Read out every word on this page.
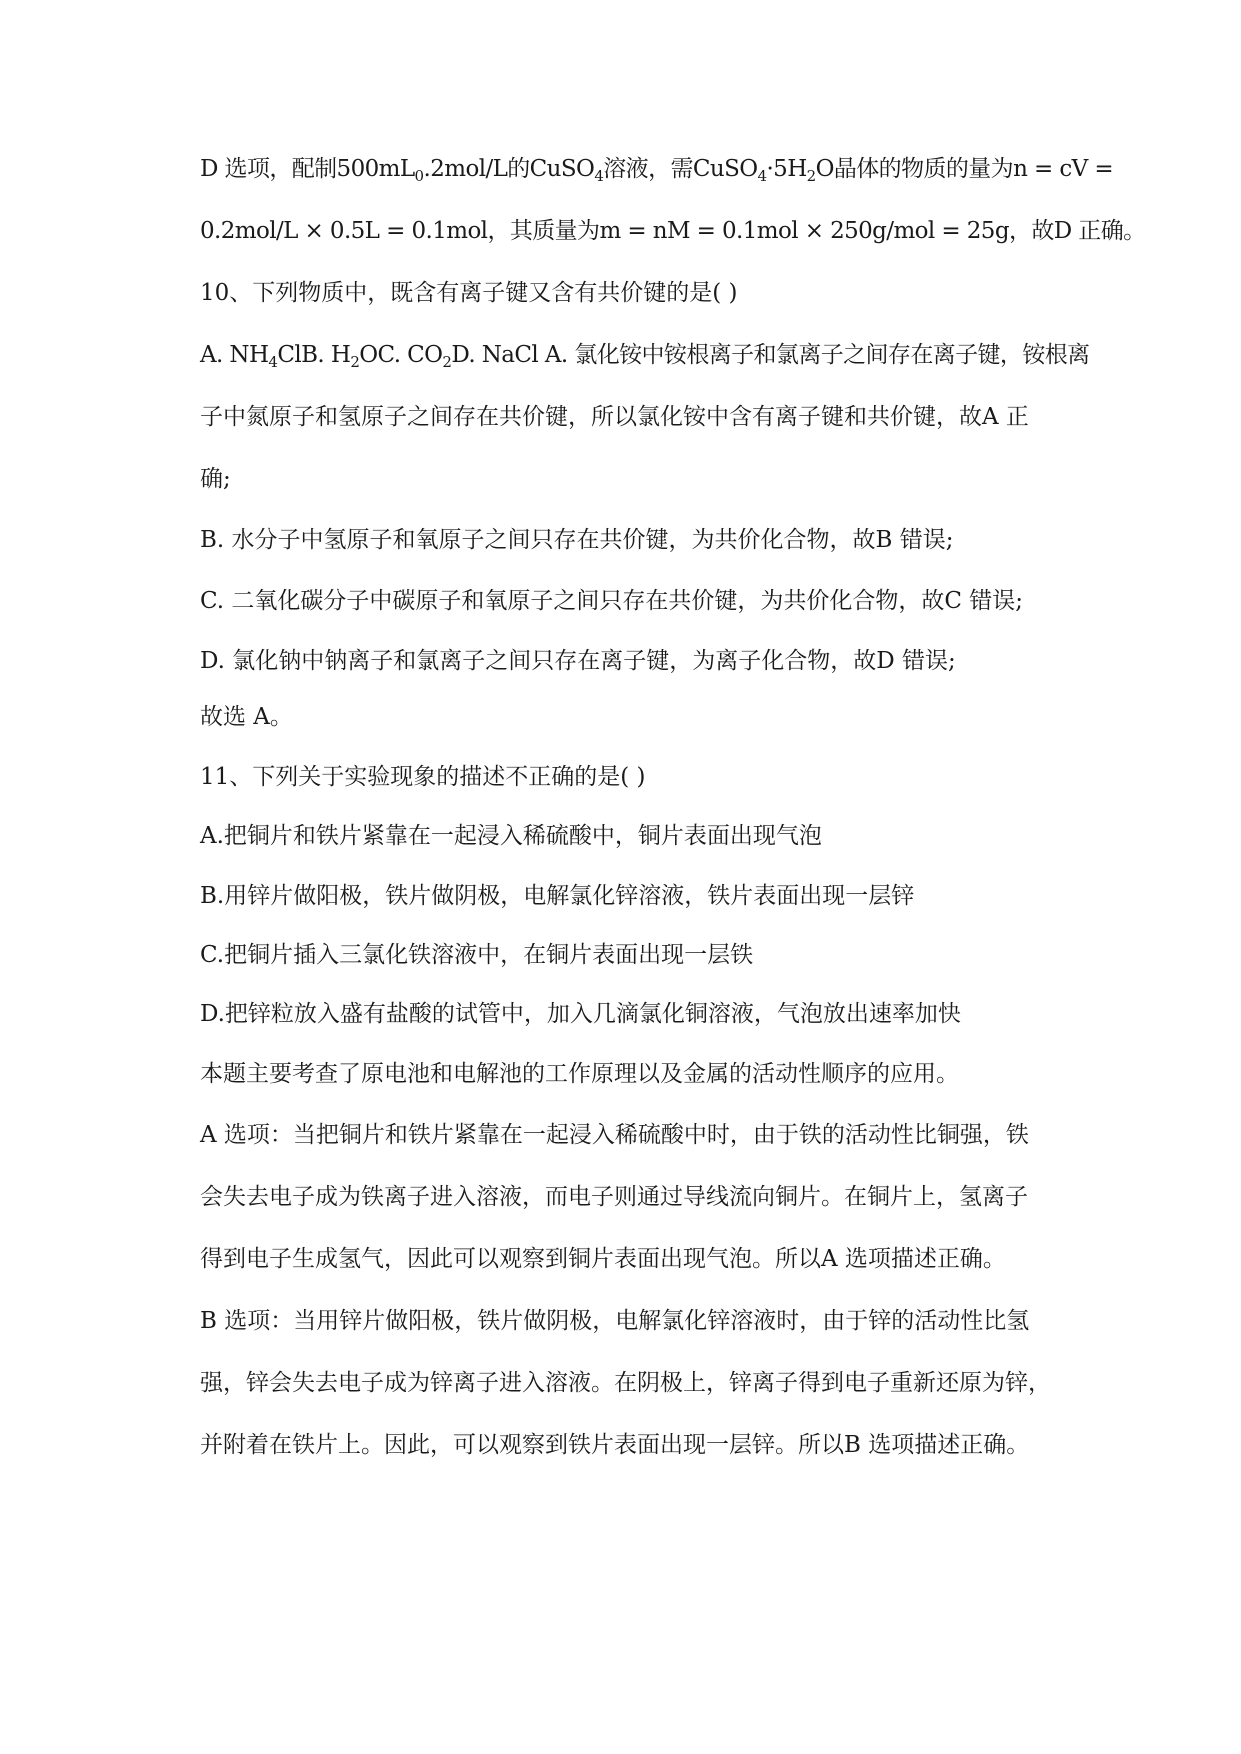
D 选项，配制$500mL_0.2mol/L$的CuSO$_4$溶液，需$CuSO_4\cdot 5H_2O$晶体的物质的量为n = cV =
0.2mol/L × 0.5L = 0.1mol，其质量为m = nM = 0.1mol × 250g/mol = 25g，故D 正确。
10、下列物质中，既含有离子键又含有共价键的是( )
A. $NH_4ClB$. $H_2OC$. $CO_2D$. NaCl A. 氯化铵中铵根离子和氯离子之间存在离子键，铵根离
子中氮原子和氢原子之间存在共价键，所以氯化铵中含有离子键和共价键，故A 正
确;
B. 水分子中氢原子和氧原子之间只存在共价键，为共价化合物，故B 错误;
C. 二氧化碳分子中碳原子和氧原子之间只存在共价键，为共价化合物，故C 错误;
D. 氯化钠中钠离子和氯离子之间只存在离子键，为离子化合物，故D 错误;
故选 A。
11、下列关于实验现象的描述不正确的是( )
A.把铜片和铁片紧靠在一起浸入稀硫酸中，铜片表面出现气泡
B.用锌片做阳极，铁片做阴极，电解氯化锌溶液，铁片表面出现一层锌
C.把铜片插入三氯化铁溶液中，在铜片表面出现一层铁
D.把锌粒放入盛有盐酸的试管中，加入几滴氯化铜溶液，气泡放出速率加快
本题主要考查了原电池和电解池的工作原理以及金属的活动性顺序的应用。
A 选项：当把铜片和铁片紧靠在一起浸入稀硫酸中时，由于铁的活动性比铜强，铁
会失去电子成为铁离子进入溶液，而电子则通过导线流向铜片。在铜片上，氢离子
得到电子生成氢气，因此可以观察到铜片表面出现气泡。所以A 选项描述正确。
B 选项：当用锌片做阳极，铁片做阴极，电解氯化锌溶液时，由于锌的活动性比氢
强，锌会失去电子成为锌离子进入溶液。在阴极上，锌离子得到电子重新还原为锌，
并附着在铁片上。因此，可以观察到铁片表面出现一层锌。所以B 选项描述正确。
